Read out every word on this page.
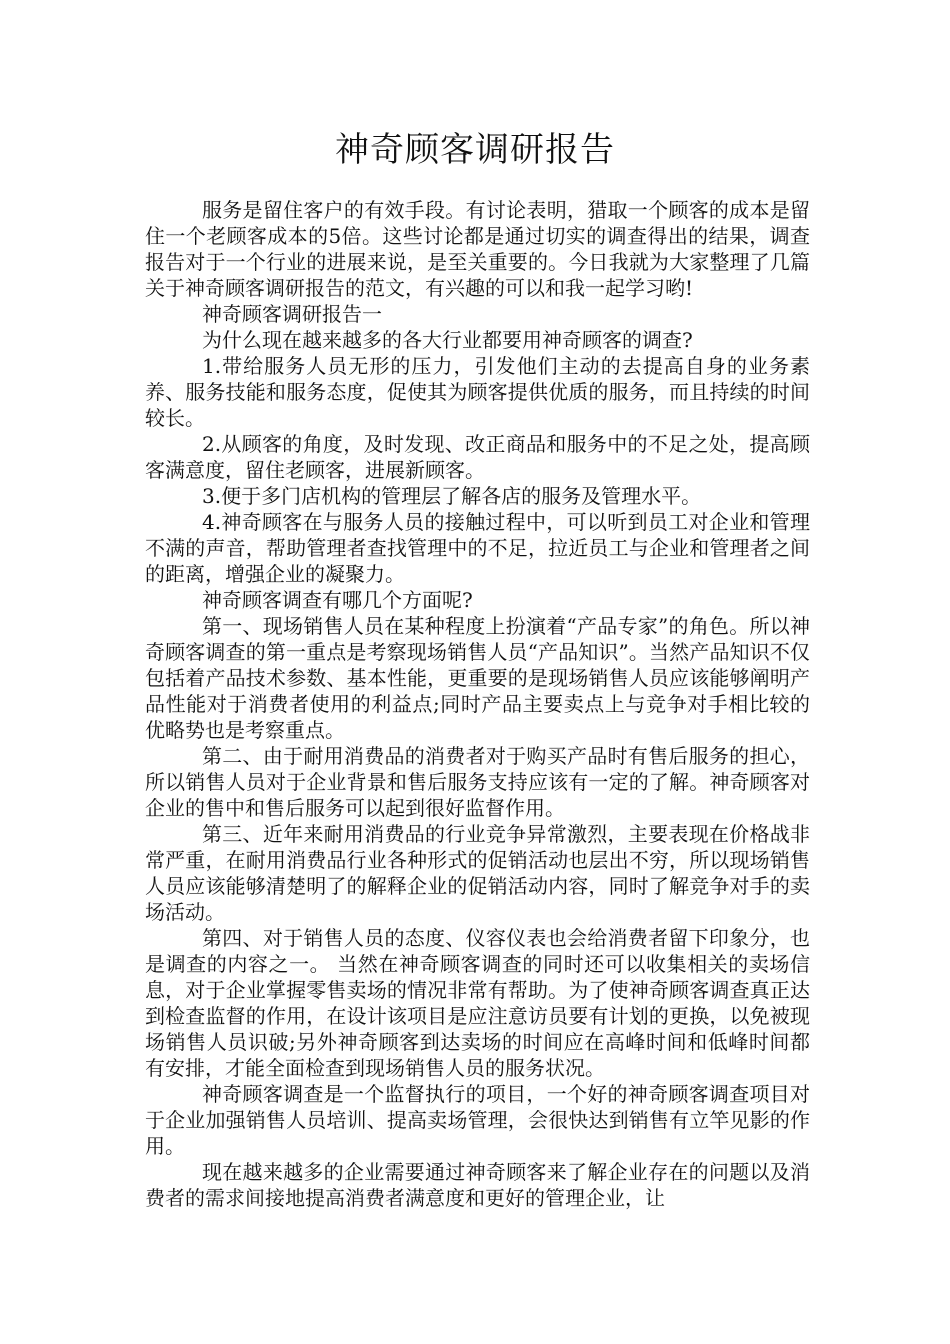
神奇顾客调研报告

服务是留住客户的有效手段。有讨论表明，猎取一个顾客的成本是留住一个老顾客成本的5倍。这些讨论都是通过切实的调查得出的结果，调查报告对于一个行业的进展来说，是至关重要的。今日我就为大家整理了几篇关于神奇顾客调研报告的范文，有兴趣的可以和我一起学习哟!

神奇顾客调研报告一

为什么现在越来越多的各大行业都要用神奇顾客的调查?

1.带给服务人员无形的压力，引发他们主动的去提高自身的业务素养、服务技能和服务态度，促使其为顾客提供优质的服务，而且持续的时间较长。

2.从顾客的角度，及时发现、改正商品和服务中的不足之处，提高顾客满意度，留住老顾客，进展新顾客。

3.便于多门店机构的管理层了解各店的服务及管理水平。

4.神奇顾客在与服务人员的接触过程中，可以听到员工对企业和管理不满的声音，帮助管理者查找管理中的不足，拉近员工与企业和管理者之间的距离，增强企业的凝聚力。

神奇顾客调查有哪几个方面呢?

第一、现场销售人员在某种程度上扮演着“产品专家”的角色。所以神奇顾客调查的第一重点是考察现场销售人员“产品知识”。当然产品知识不仅包括着产品技术参数、基本性能，更重要的是现场销售人员应该能够阐明产品性能对于消费者使用的利益点;同时产品主要卖点上与竞争对手相比较的优略势也是考察重点。

第二、由于耐用消费品的消费者对于购买产品时有售后服务的担心，所以销售人员对于企业背景和售后服务支持应该有一定的了解。神奇顾客对企业的售中和售后服务可以起到很好监督作用。

第三、近年来耐用消费品的行业竞争异常激烈，主要表现在价格战非常严重，在耐用消费品行业各种形式的促销活动也层出不穷，所以现场销售人员应该能够清楚明了的解释企业的促销活动内容，同时了解竞争对手的卖场活动。

第四、对于销售人员的态度、仪容仪表也会给消费者留下印象分，也是调查的内容之一。 当然在神奇顾客调查的同时还可以收集相关的卖场信息，对于企业掌握零售卖场的情况非常有帮助。为了使神奇顾客调查真正达到检查监督的作用，在设计该项目是应注意访员要有计划的更换，以免被现场销售人员识破;另外神奇顾客到达卖场的时间应在高峰时间和低峰时间都有安排，才能全面检查到现场销售人员的服务状况。

神奇顾客调查是一个监督执行的项目，一个好的神奇顾客调查项目对于企业加强销售人员培训、提高卖场管理，会很快达到销售有立竿见影的作用。

现在越来越多的企业需要通过神奇顾客来了解企业存在的问题以及消费者的需求间接地提高消费者满意度和更好的管理企业，让
